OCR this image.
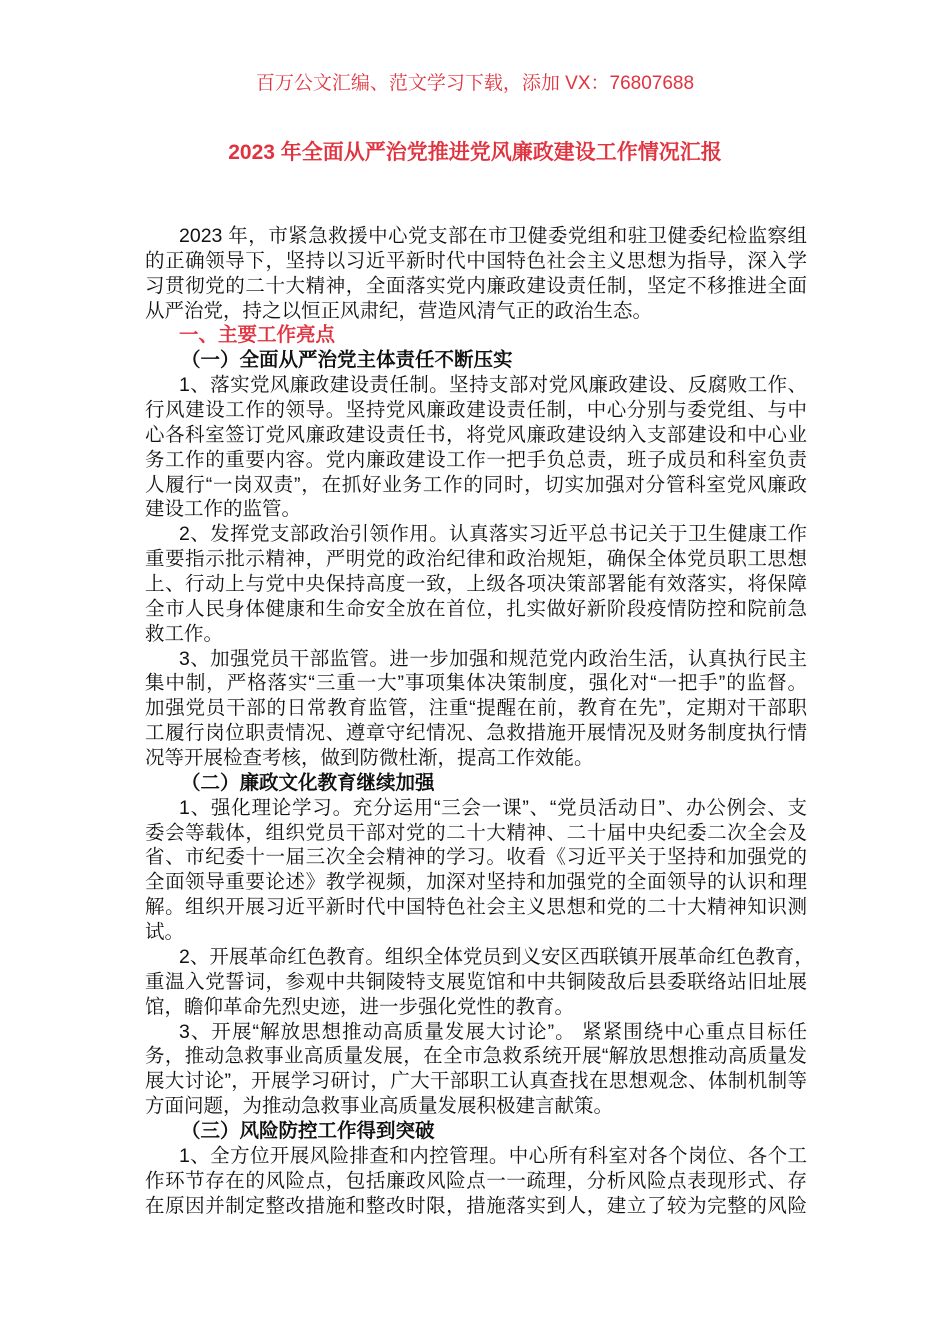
百万公文汇编、范文学习下载，添加 VX：76807688
2023 年全面从严治党推进党风廉政建设工作情况汇报
2023 年，市紧急救援中心党支部在市卫健委党组和驻卫健委纪检监察组
的正确领导下，坚持以习近平新时代中国特色社会主义思想为指导，深入学
习贯彻党的二十大精神，全面落实党内廉政建设责任制，坚定不移推进全面
从严治党，持之以恒正风肃纪，营造风清气正的政治生态。
一、主要工作亮点
（一）全面从严治党主体责任不断压实
1、落实党风廉政建设责任制。坚持支部对党风廉政建设、反腐败工作、
行风建设工作的领导。坚持党风廉政建设责任制，中心分别与委党组、与中
心各科室签订党风廉政建设责任书，将党风廉政建设纳入支部建设和中心业
务工作的重要内容。党内廉政建设工作一把手负总责，班子成员和科室负责
人履行“一岗双责”，在抓好业务工作的同时，切实加强对分管科室党风廉政
建设工作的监管。
2、发挥党支部政治引领作用。认真落实习近平总书记关于卫生健康工作
重要指示批示精神，严明党的政治纪律和政治规矩，确保全体党员职工思想
上、行动上与党中央保持高度一致，上级各项决策部署能有效落实，将保障
全市人民身体健康和生命安全放在首位，扎实做好新阶段疫情防控和院前急
救工作。
3、加强党员干部监管。进一步加强和规范党内政治生活，认真执行民主
集中制，严格落实“三重一大”事项集体决策制度，强化对“一把手”的监督。
加强党员干部的日常教育监管，注重“提醒在前，教育在先”，定期对干部职
工履行岗位职责情况、遵章守纪情况、急救措施开展情况及财务制度执行情
况等开展检查考核，做到防微杜渐，提高工作效能。
（二）廉政文化教育继续加强
1、强化理论学习。充分运用“三会一课”、“党员活动日”、办公例会、支
委会等载体，组织党员干部对党的二十大精神、二十届中央纪委二次全会及
省、市纪委十一届三次全会精神的学习。收看《习近平关于坚持和加强党的
全面领导重要论述》教学视频，加深对坚持和加强党的全面领导的认识和理
解。组织开展习近平新时代中国特色社会主义思想和党的二十大精神知识测
试。
2、开展革命红色教育。组织全体党员到义安区西联镇开展革命红色教育，
重温入党誓词，参观中共铜陵特支展览馆和中共铜陵敌后县委联络站旧址展
馆，瞻仰革命先烈史迹，进一步强化党性的教育。
3、开展“解放思想推动高质量发展大讨论”。 紧紧围绕中心重点目标任
务，推动急救事业高质量发展，在全市急救系统开展“解放思想推动高质量发
展大讨论”，开展学习研讨，广大干部职工认真查找在思想观念、体制机制等
方面问题，为推动急救事业高质量发展积极建言献策。
（三）风险防控工作得到突破
1、全方位开展风险排查和内控管理。中心所有科室对各个岗位、各个工
作环节存在的风险点，包括廉政风险点一一疏理，分析风险点表现形式、存
在原因并制定整改措施和整改时限，措施落实到人，建立了较为完整的风险
